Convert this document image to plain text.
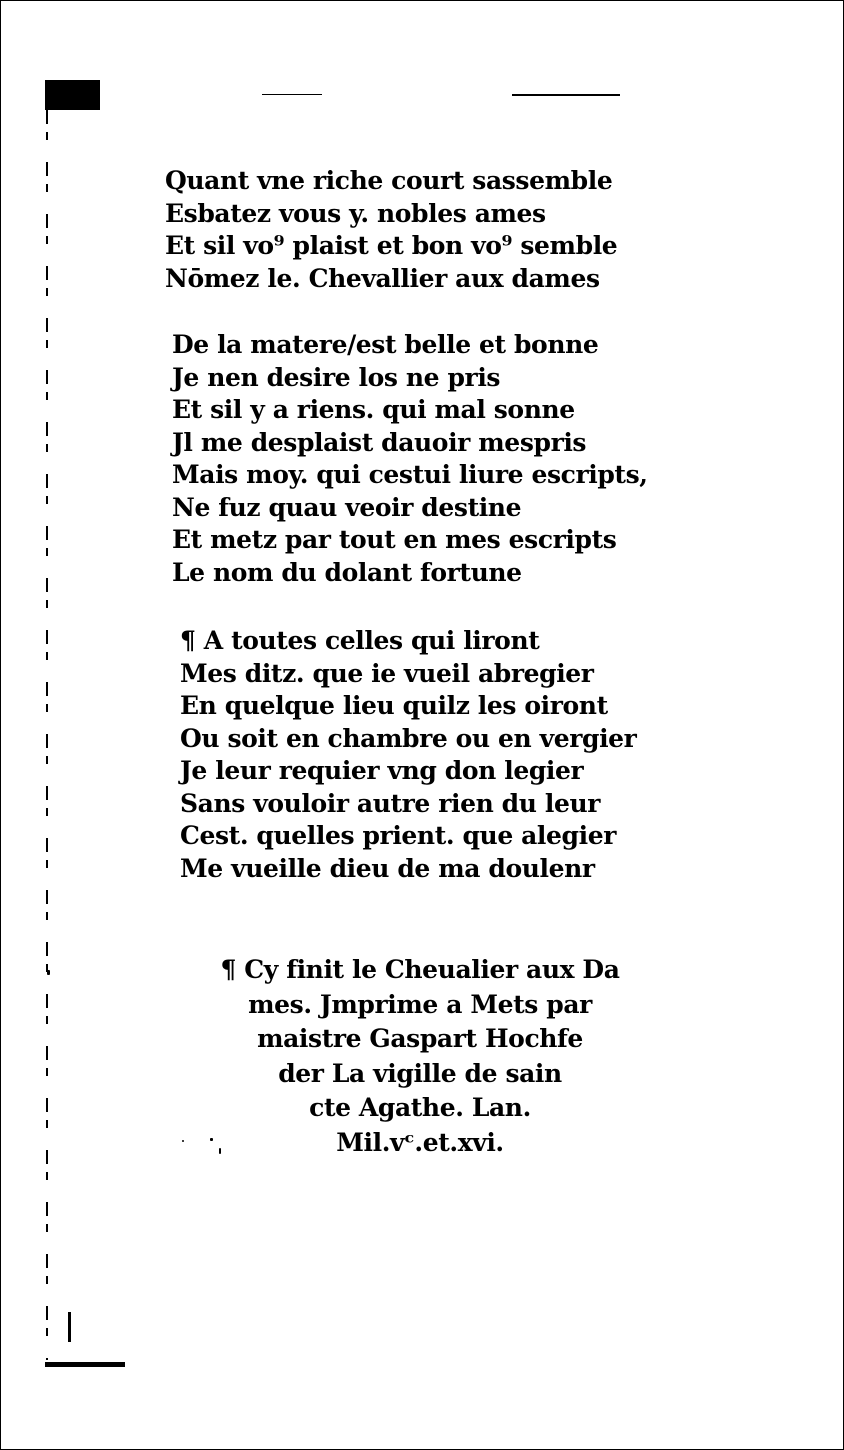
Quant vne riche court sassemble
Esbatez vous y. nobles ames
Et sil vo⁹ plaist et bon vo⁹ semble
Nōmez le. Chevallier aux dames
De la matere/est belle et bonne
Je nen desire los ne pris
Et sil y a riens. qui mal sonne
Jl me desplaist dauoir mespris
Mais moy. qui cestui liure escripts,
Ne fuz quau veoir destine
Et metz par tout en mes escripts
Le nom du dolant fortune
¶ A toutes celles qui liront
Mes ditz. que ie vueil abregier
En quelque lieu quilz les oiront
Ou soit en chambre ou en vergier
Je leur requier vng don legier
Sans vouloir autre rien du leur
Cest. quelles prient. que alegier
Me vueille dieu de ma doulenr
¶ Cy finit le Cheualier aux Da
mes. Jmprime a Mets par
maistre Gaspart Hochfe
der La vigille de sain
cte Agathe. Lan.
Mil.vᶜ.et.xvi.
